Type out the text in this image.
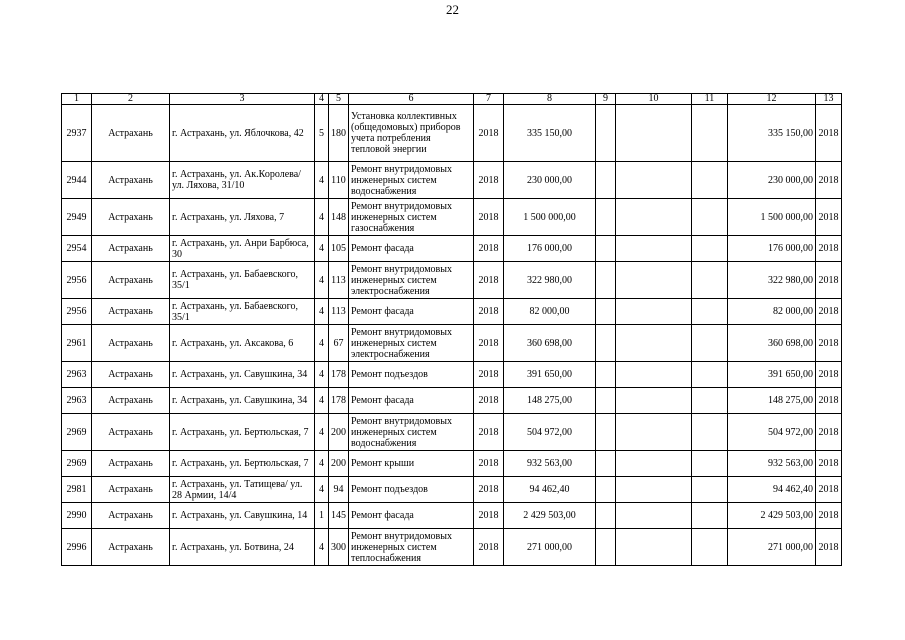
22
1	2	3	4	5	6	7	8	9	10	11	12	13
2937	Астрахань	г. Астрахань, ул. Яблочкова, 42	5	180	Установка коллективных (общедомовых) приборов учета потребления тепловой энергии	2018	335 150,00				335 150,00	2018
2944	Астрахань	г. Астрахань, ул. Ак.Королева/ ул. Ляхова, 31/10	4	110	Ремонт внутридомовых инженерных систем водоснабжения	2018	230 000,00				230 000,00	2018
2949	Астрахань	г. Астрахань, ул. Ляхова, 7	4	148	Ремонт внутридомовых инженерных систем газоснабжения	2018	1 500 000,00				1 500 000,00	2018
2954	Астрахань	г. Астрахань, ул. Анри Барбюса, 30	4	105	Ремонт фасада	2018	176 000,00				176 000,00	2018
2956	Астрахань	г. Астрахань, ул. Бабаевского, 35/1	4	113	Ремонт внутридомовых инженерных систем электроснабжения	2018	322 980,00				322 980,00	2018
2956	Астрахань	г. Астрахань, ул. Бабаевского, 35/1	4	113	Ремонт фасада	2018	82 000,00				82 000,00	2018
2961	Астрахань	г. Астрахань, ул. Аксакова, 6	4	67	Ремонт внутридомовых инженерных систем электроснабжения	2018	360 698,00				360 698,00	2018
2963	Астрахань	г. Астрахань, ул. Савушкина, 34	4	178	Ремонт подъездов	2018	391 650,00				391 650,00	2018
2963	Астрахань	г. Астрахань, ул. Савушкина, 34	4	178	Ремонт фасада	2018	148 275,00				148 275,00	2018
2969	Астрахань	г. Астрахань, ул. Бертюльская, 7	4	200	Ремонт внутридомовых инженерных систем водоснабжения	2018	504 972,00				504 972,00	2018
2969	Астрахань	г. Астрахань, ул. Бертюльская, 7	4	200	Ремонт крыши	2018	932 563,00				932 563,00	2018
2981	Астрахань	г. Астрахань, ул. Татищева/ ул. 28 Армии, 14/4	4	94	Ремонт подъездов	2018	94 462,40				94 462,40	2018
2990	Астрахань	г. Астрахань, ул. Савушкина, 14	1	145	Ремонт фасада	2018	2 429 503,00				2 429 503,00	2018
2996	Астрахань	г. Астрахань, ул. Ботвина, 24	4	300	Ремонт внутридомовых инженерных систем теплоснабжения	2018	271 000,00				271 000,00	2018
